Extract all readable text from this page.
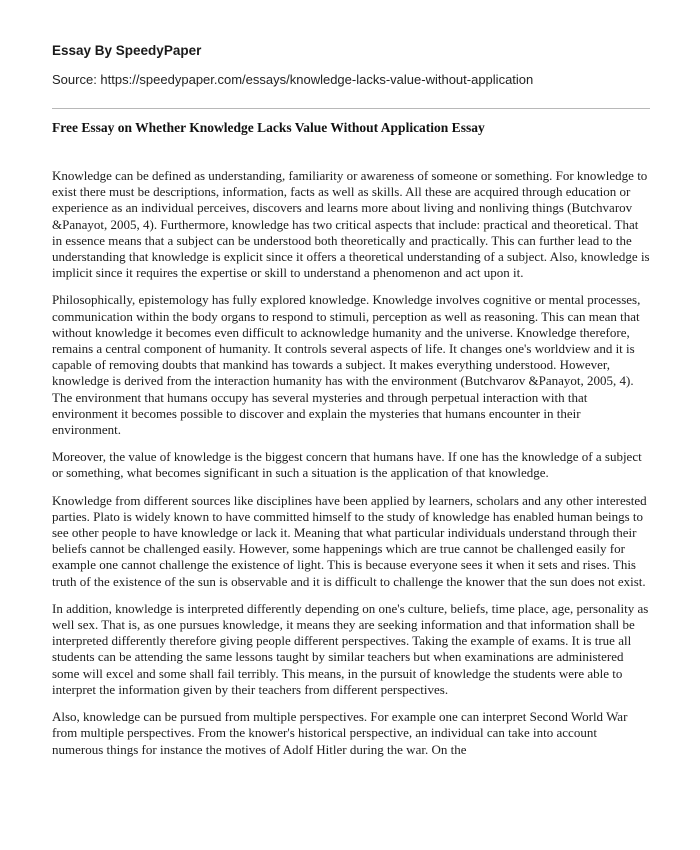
Essay By SpeedyPaper
Source: https://speedypaper.com/essays/knowledge-lacks-value-without-application
Free Essay on Whether Knowledge Lacks Value Without Application Essay

Knowledge can be defined as understanding, familiarity or awareness of someone or something. For knowledge to exist there must be descriptions, information, facts as well as skills. All these are acquired through education or experience as an individual perceives, discovers and learns more about living and nonliving things (Butchvarov &Panayot, 2005, 4). Furthermore, knowledge has two critical aspects that include: practical and theoretical. That in essence means that a subject can be understood both theoretically and practically. This can further lead to the understanding that knowledge is explicit since it offers a theoretical understanding of a subject. Also, knowledge is implicit since it requires the expertise or skill to understand a phenomenon and act upon it.

Philosophically, epistemology has fully explored knowledge. Knowledge involves cognitive or mental processes, communication within the body organs to respond to stimuli, perception as well as reasoning. This can mean that without knowledge it becomes even difficult to acknowledge humanity and the universe. Knowledge therefore, remains a central component of humanity. It controls several aspects of life. It changes one's worldview and it is capable of removing doubts that mankind has towards a subject. It makes everything understood. However, knowledge is derived from the interaction humanity has with the environment (Butchvarov &Panayot, 2005, 4). The environment that humans occupy has several mysteries and through perpetual interaction with that environment it becomes possible to discover and explain the mysteries that humans encounter in their environment.

Moreover, the value of knowledge is the biggest concern that humans have. If one has the knowledge of a subject or something, what becomes significant in such a situation is the application of that knowledge.

Knowledge from different sources like disciplines have been applied by learners, scholars and any other interested parties. Plato is widely known to have committed himself to the study of knowledge has enabled human beings to see other people to have knowledge or lack it. Meaning that what particular individuals understand through their beliefs cannot be challenged easily. However, some happenings which are true cannot be challenged easily for example one cannot challenge the existence of light. This is because everyone sees it when it sets and rises. This truth of the existence of the sun is observable and it is difficult to challenge the knower that the sun does not exist.

In addition, knowledge is interpreted differently depending on one's culture, beliefs, time place, age, personality as well sex. That is, as one pursues knowledge, it means they are seeking information and that information shall be interpreted differently therefore giving people different perspectives. Taking the example of exams. It is true all students can be attending the same lessons taught by similar teachers but when examinations are administered some will excel and some shall fail terribly. This means, in the pursuit of knowledge the students were able to interpret the information given by their teachers from different perspectives.

Also, knowledge can be pursued from multiple perspectives. For example one can interpret Second World War from multiple perspectives. From the knower's historical perspective, an individual can take into account numerous things for instance the motives of Adolf Hitler during the war. On the
